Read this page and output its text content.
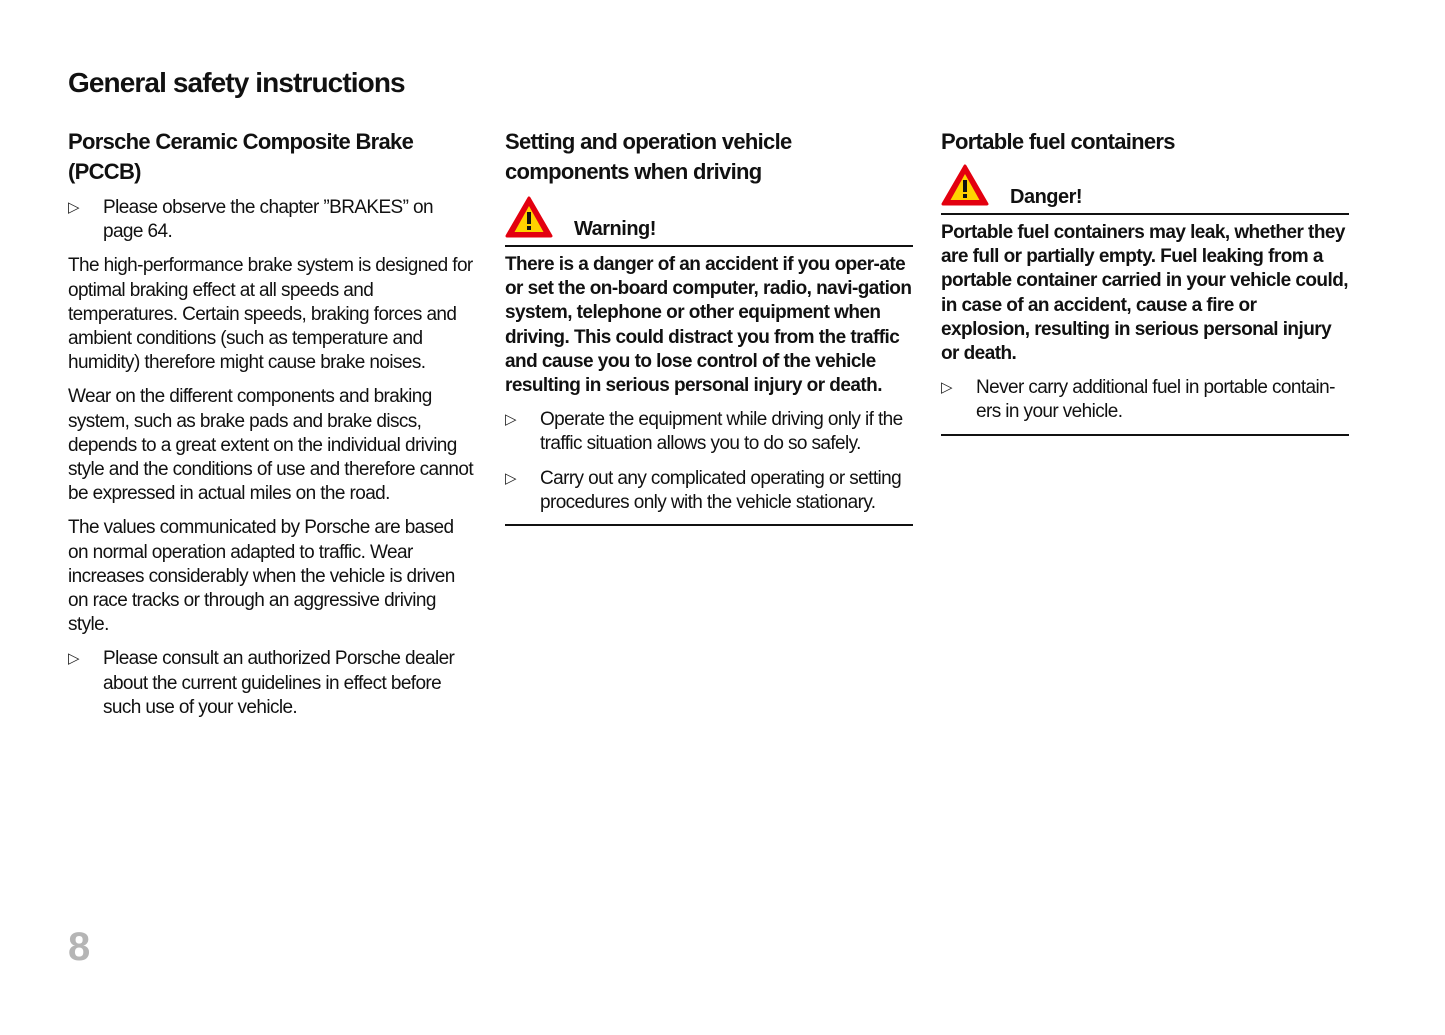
General safety instructions
Porsche Ceramic Composite Brake (PCCB)

▷ Please observe the chapter ”BRAKES” on page 64.

The high-performance brake system is designed for optimal braking effect at all speeds and temperatures. Certain speeds, braking forces and ambient conditions (such as temperature and humidity) therefore might cause brake noises.

Wear on the different components and braking system, such as brake pads and brake discs, depends to a great extent on the individual driving style and the conditions of use and therefore cannot be expressed in actual miles on the road.

The values communicated by Porsche are based on normal operation adapted to traffic. Wear increases considerably when the vehicle is driven on race tracks or through an aggressive driving style.

▷ Please consult an authorized Porsche dealer about the current guidelines in effect before such use of your vehicle.

Setting and operation vehicle components when driving
Warning!

There is a danger of an accident if you oper-ate or set the on-board computer, radio, navi-gation system, telephone or other equipment when driving. This could distract you from the traffic and cause you to lose control of the vehicle resulting in serious personal injury or death.

▷ Operate the equipment while driving only if the traffic situation allows you to do so safely.

▷ Carry out any complicated operating or setting procedures only with the vehicle stationary.

Portable fuel containers
Danger!

Portable fuel containers may leak, whether they are full or partially empty. Fuel leaking from a portable container carried in your vehicle could, in case of an accident, cause a fire or explosion, resulting in serious personal injury or death.

▷ Never carry additional fuel in portable contain-ers in your vehicle.

8
